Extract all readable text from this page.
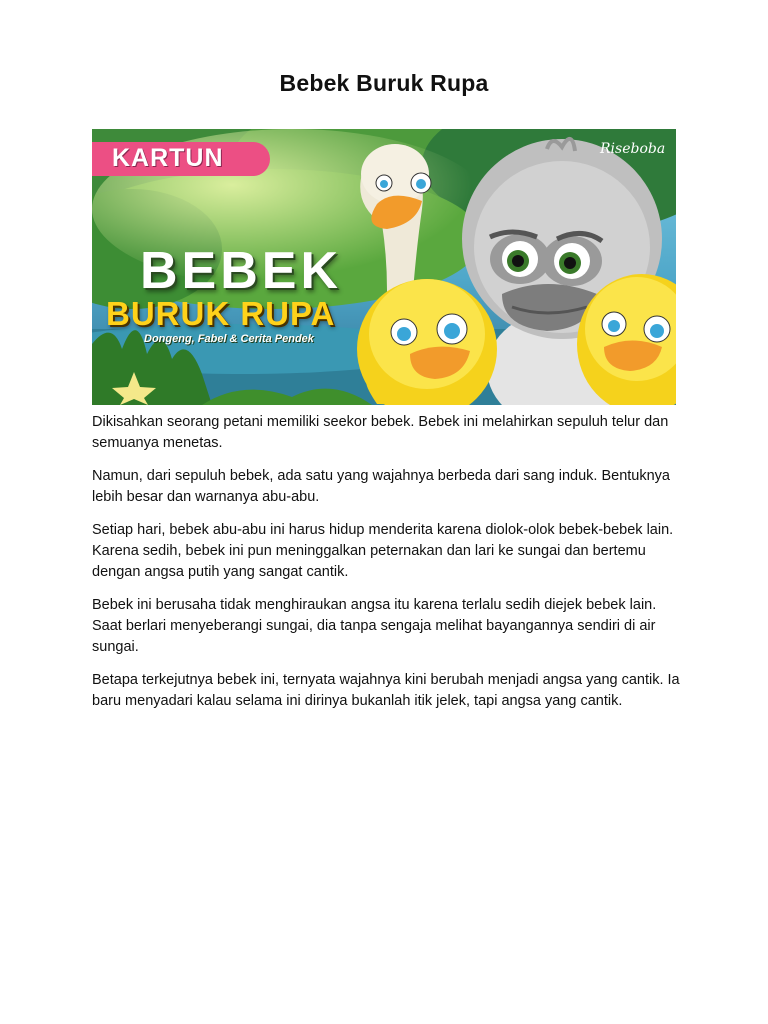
Bebek Buruk Rupa
KARTUN	Riseboba
BEBEK
BURUK RUPA
Dongeng, Fabel & Cerita Pendek

Dikisahkan seorang petani memiliki seekor bebek. Bebek ini melahirkan sepuluh telur dan semuanya menetas.

Namun, dari sepuluh bebek, ada satu yang wajahnya berbeda dari sang induk. Bentuknya lebih besar dan warnanya abu-abu.

Setiap hari, bebek abu-abu ini harus hidup menderita karena diolok-olok bebek-bebek lain. Karena sedih, bebek ini pun meninggalkan peternakan dan lari ke sungai dan bertemu dengan angsa putih yang sangat cantik.

Bebek ini berusaha tidak menghiraukan angsa itu karena terlalu sedih diejek bebek lain. Saat berlari menyeberangi sungai, dia tanpa sengaja melihat bayangannya sendiri di air sungai.

Betapa terkejutnya bebek ini, ternyata wajahnya kini berubah menjadi angsa yang cantik. Ia baru menyadari kalau selama ini dirinya bukanlah itik jelek, tapi angsa yang cantik.
